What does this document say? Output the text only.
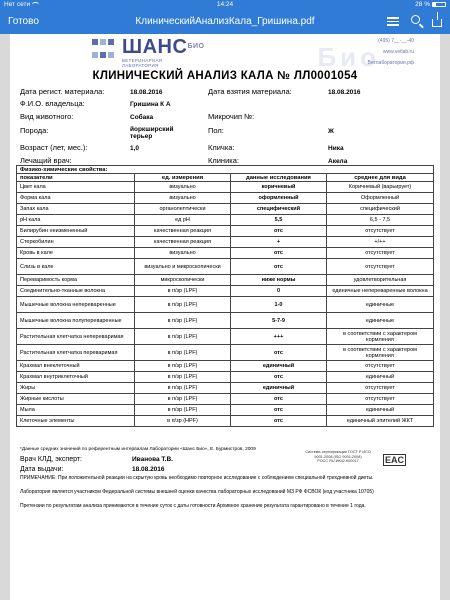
Нет сети	14:24	28 %
Готово	КлиническийАнализКала_Гришина.pdf
Био
$ШАНС^{БИО}$
ВЕТЕРИНАРНАЯ
ЛАБОРАТОРИЯ
(495) 7__-__-40
www.vetlab.ru
Ветлаборатория.рф
КЛИНИЧЕСКИЙ АНАЛИЗ КАЛА № ЛЛ0001054
Дата регист. материала:	18.08.2016	Дата взятия материала:	18.08.2016
Ф.И.О. владельца:	Гришина К А
Вид животного:	Собака	Микрочип №:
Порода:	йоркширский терьер
Пол:	Ж
Возраст (лет, мес.):	1,0	Кличка:	Ника
Лечащий врач:	Клиника:	Акела
Физико-химические свойства:			
показатели	ед. измерения	данные исследования	среднее для вида
Цвет кала	визуально	коричневый	Коричневый (варьирует)
Форма кала	визуально	оформленный	Оформленный
Запах кала	органолептически	специфический	специфический
pH кала	ед pH	5,5	6,5 - 7,5
Билирубин неизмененный	качественная реакция	отс	отсутствует
Стеркобилин	качественная реакция	+	+/++
Кровь в кале	визуально	отс	отсутствует
Слизь в кале	визуально и микроскопически	отс	отсутствует
Переваримость корма	микроскопически	ниже нормы	удовлетворительная
Соединительно-тканные волокна	в п/зр (LPF)	0	единичные непереваренные волокна
Мышечные волокна непереваренные	в п/зр (LPF)	1-0	единичные
Мышечные волокна полупереваренные	в п/зр (LPF)	5-7-9	единичные
Растительная клетчатка непереваримая	в п/зр (LPF)	+++	в соответствии с характером кормления
Растительная клетчатка переваримая	в п/зр (LPF)	отс	в соответствии с характером кормления
Крахмал внеклеточный	в п/зр (LPF)	единичный	отсутствует
Крахмал внутриклеточный	в п/зр (LPF)	отс	единичный
Жиры	в п/зр (LPF)	единичный	отсутствует
Жирные кислоты	в п/зр (LPF)	отс	отсутствует
Мыла	в п/зр (LPF)	отс	единичный
Клеточные элементы	в п/зр (HPF)	отс	единичный эпителий ЖКТ
*Данные средних значений по референтным интервалам Лаборатории «Шанс Био», Е. Бурмистров, 2009
Врач КЛД, эксперт:	Иванова Т.В.
Дата выдачи:	18.08.2016
Система сертификации ГОСТ Р ИСО 9001-2008 (ISO 9001:2008)
РОСС RU.ИК42.К00017	EAC
ПРИМЕЧАНИЕ: При положительной реакции на скрытую кровь необходимо повторное исследование с соблюдением специальной трехдневной диеты.
Лаборатория является участником Федеральной системы внешней оценки качества лабораторных исследований МЗ РФ ФСВОК (код участника 10705)
Претензии по результатам анализа принимаются в течение суток с даты готовности.Архивное хранение результата гарантировано в течение 1 года.
